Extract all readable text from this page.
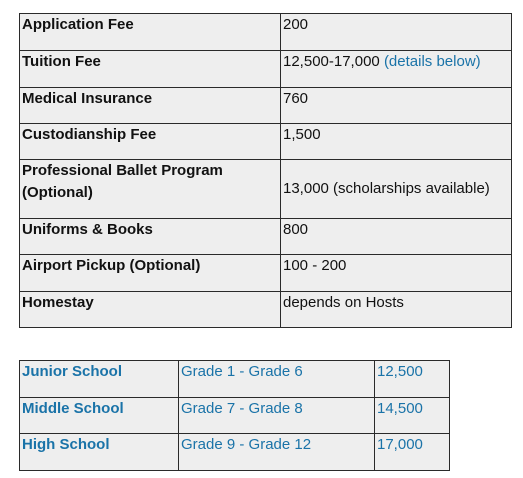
Application Fee	200
Tuition Fee	12,500-17,000 (details below)
Medical Insurance	760
Custodianship Fee	1,500
Professional Ballet Program (Optional)	13,000 (scholarships available)
Uniforms & Books	800
Airport Pickup (Optional)	100 - 200
Homestay	depends on Hosts
Junior School	Grade 1 - Grade 6	12,500
Middle School	Grade 7 - Grade 8	14,500
High School	Grade 9 - Grade 12	17,000
